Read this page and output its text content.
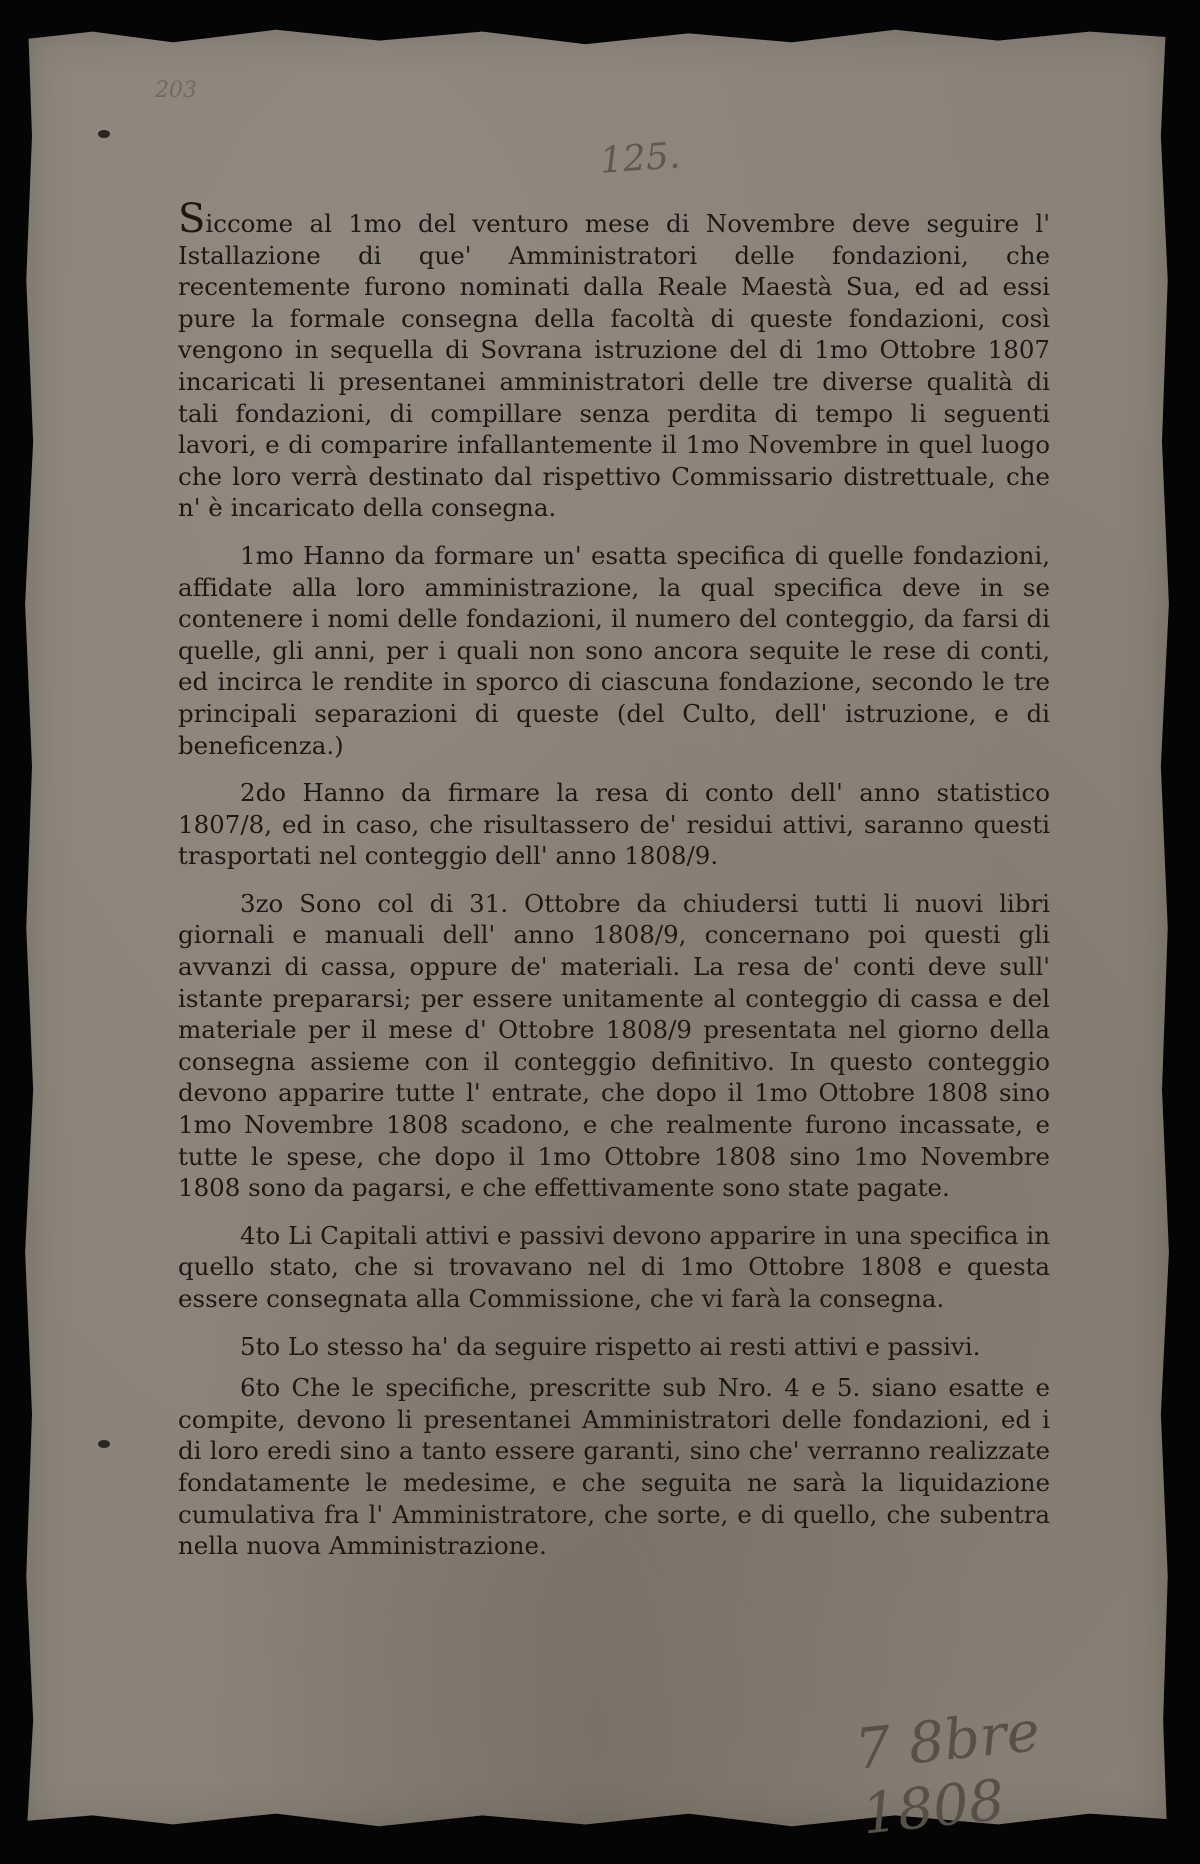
203
125.
7 8bre 1808

Siccome al 1mo del venturo mese di Novembre deve seguire l' Istallazione di que' Amministratori delle fondazioni, che recentemente furono nominati dalla Reale Maestà Sua, ed ad essi pure la formale consegna della facoltà di queste fondazioni, così vengono in sequella di Sovrana istruzione del di 1mo Ottobre 1807 incaricati li presentanei amministratori delle tre diverse qualità di tali fondazioni, di compillare senza perdita di tempo li seguenti lavori, e di comparire infallantemente il 1mo Novembre in quel luogo che loro verrà destinato dal rispettivo Commissario distrettuale, che n' è incaricato della consegna.

1mo Hanno da formare un' esatta specifica di quelle fondazioni, affidate alla loro amministrazione, la qual specifica deve in se contenere i nomi delle fondazioni, il numero del conteggio, da farsi di quelle, gli anni, per i quali non sono ancora sequite le rese di conti, ed incirca le rendite in sporco di ciascuna fondazione, secondo le tre principali separazioni di queste (del Culto, dell' istruzione, e di beneficenza.)

2do Hanno da firmare la resa di conto dell' anno statistico 1807/8, ed in caso, che risultassero de' residui attivi, saranno questi trasportati nel conteggio dell' anno 1808/9.

3zo Sono col di 31. Ottobre da chiudersi tutti li nuovi libri giornali e manuali dell' anno 1808/9, concernano poi questi gli avvanzi di cassa, oppure de' materiali. La resa de' conti deve sull' istante prepararsi; per essere unitamente al conteggio di cassa e del materiale per il mese d' Ottobre 1808/9 presentata nel giorno della consegna assieme con il conteggio definitivo. In questo conteggio devono apparire tutte l' entrate, che dopo il 1mo Ottobre 1808 sino 1mo Novembre 1808 scadono, e che realmente furono incassate, e tutte le spese, che dopo il 1mo Ottobre 1808 sino 1mo Novembre 1808 sono da pagarsi, e che effettivamente sono state pagate.

4to Li Capitali attivi e passivi devono apparire in una specifica in quello stato, che si trovavano nel di 1mo Ottobre 1808 e questa essere consegnata alla Commissione, che vi farà la consegna.

5to Lo stesso ha' da seguire rispetto ai resti attivi e passivi.

6to Che le specifiche, prescritte sub Nro. 4 e 5. siano esatte e compite, devono li presentanei Amministratori delle fondazioni, ed i di loro eredi sino a tanto essere garanti, sino che' verranno realizzate fondatamente le medesime, e che seguita ne sarà la liquidazione cumulativa fra l' Amministratore, che sorte, e di quello, che subentra nella nuova Amministrazione.
